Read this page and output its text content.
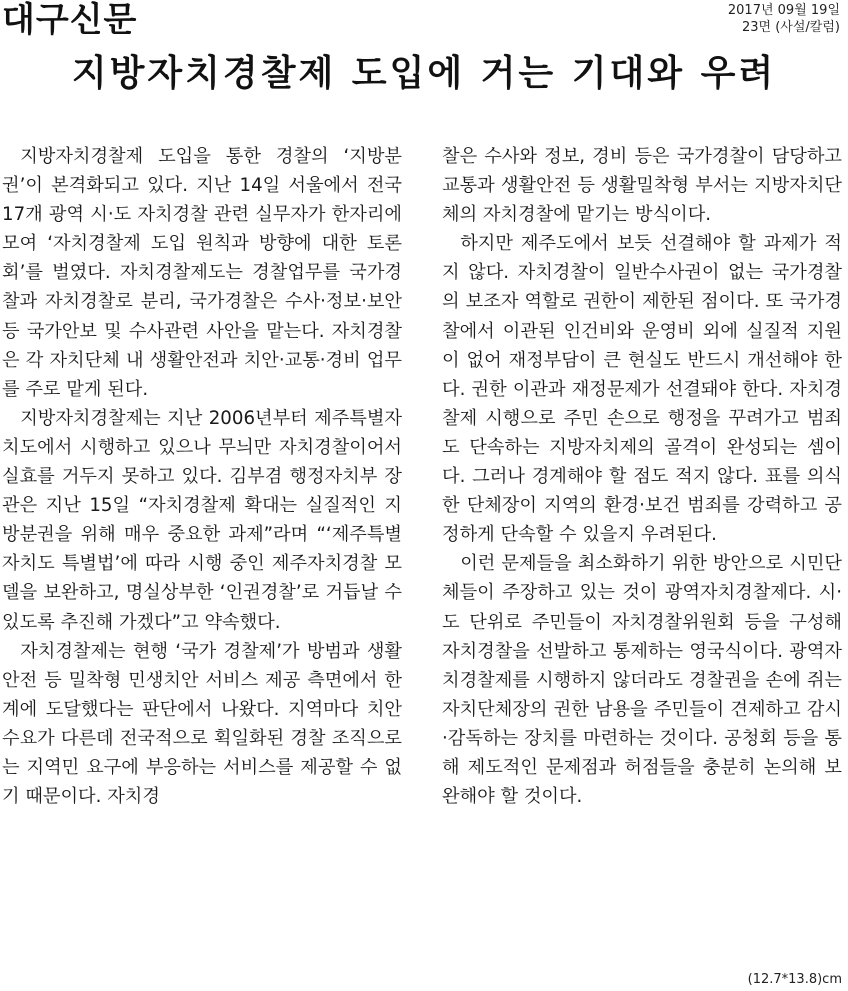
대구신문	2017년 09월 19일
23면 (사설/칼럼)
지방자치경찰제 도입에 거는 기대와 우려

지방자치경찰제 도입을 통한 경찰의 ‘지방분권’이 본격화되고 있다. 지난 14일 서울에서 전국 17개 광역 시·도 자치경찰 관련 실무자가 한자리에 모여 ‘자치경찰제 도입 원칙과 방향에 대한 토론회’를 벌였다. 자치경찰제도는 경찰업무를 국가경찰과 자치경찰로 분리, 국가경찰은 수사·정보·보안 등 국가안보 및 수사관련 사안을 맡는다. 자치경찰은 각 자치단체 내 생활안전과 치안·교통·경비 업무를 주로 맡게 된다.

지방자치경찰제는 지난 2006년부터 제주특별자치도에서 시행하고 있으나 무늬만 자치경찰이어서 실효를 거두지 못하고 있다. 김부겸 행정자치부 장관은 지난 15일 “자치경찰제 확대는 실질적인 지방분권을 위해 매우 중요한 과제”라며 “‘제주특별자치도 특별법’에 따라 시행 중인 제주자치경찰 모델을 보완하고, 명실상부한 ‘인권경찰’로 거듭날 수 있도록 추진해 가겠다”고 약속했다.

자치경찰제는 현행 ‘국가 경찰제’가 방범과 생활안전 등 밀착형 민생치안 서비스 제공 측면에서 한계에 도달했다는 판단에서 나왔다. 지역마다 치안수요가 다른데 전국적으로 획일화된 경찰 조직으로는 지역민 요구에 부응하는 서비스를 제공할 수 없기 때문이다. 자치경

찰은 수사와 정보, 경비 등은 국가경찰이 담당하고 교통과 생활안전 등 생활밀착형 부서는 지방자치단체의 자치경찰에 맡기는 방식이다.

하지만 제주도에서 보듯 선결해야 할 과제가 적지 않다. 자치경찰이 일반수사권이 없는 국가경찰의 보조자 역할로 권한이 제한된 점이다. 또 국가경찰에서 이관된 인건비와 운영비 외에 실질적 지원이 없어 재정부담이 큰 현실도 반드시 개선해야 한다. 권한 이관과 재정문제가 선결돼야 한다. 자치경찰제 시행으로 주민 손으로 행정을 꾸려가고 범죄도 단속하는 지방자치제의 골격이 완성되는 셈이다. 그러나 경계해야 할 점도 적지 않다. 표를 의식한 단체장이 지역의 환경·보건 범죄를 강력하고 공정하게 단속할 수 있을지 우려된다.

이런 문제들을 최소화하기 위한 방안으로 시민단체들이 주장하고 있는 것이 광역자치경찰제다. 시·도 단위로 주민들이 자치경찰위원회 등을 구성해 자치경찰을 선발하고 통제하는 영국식이다. 광역자치경찰제를 시행하지 않더라도 경찰권을 손에 쥐는 자치단체장의 권한 남용을 주민들이 견제하고 감시·감독하는 장치를 마련하는 것이다. 공청회 등을 통해 제도적인 문제점과 허점들을 충분히 논의해 보완해야 할 것이다.

(12.7*13.8)cm
